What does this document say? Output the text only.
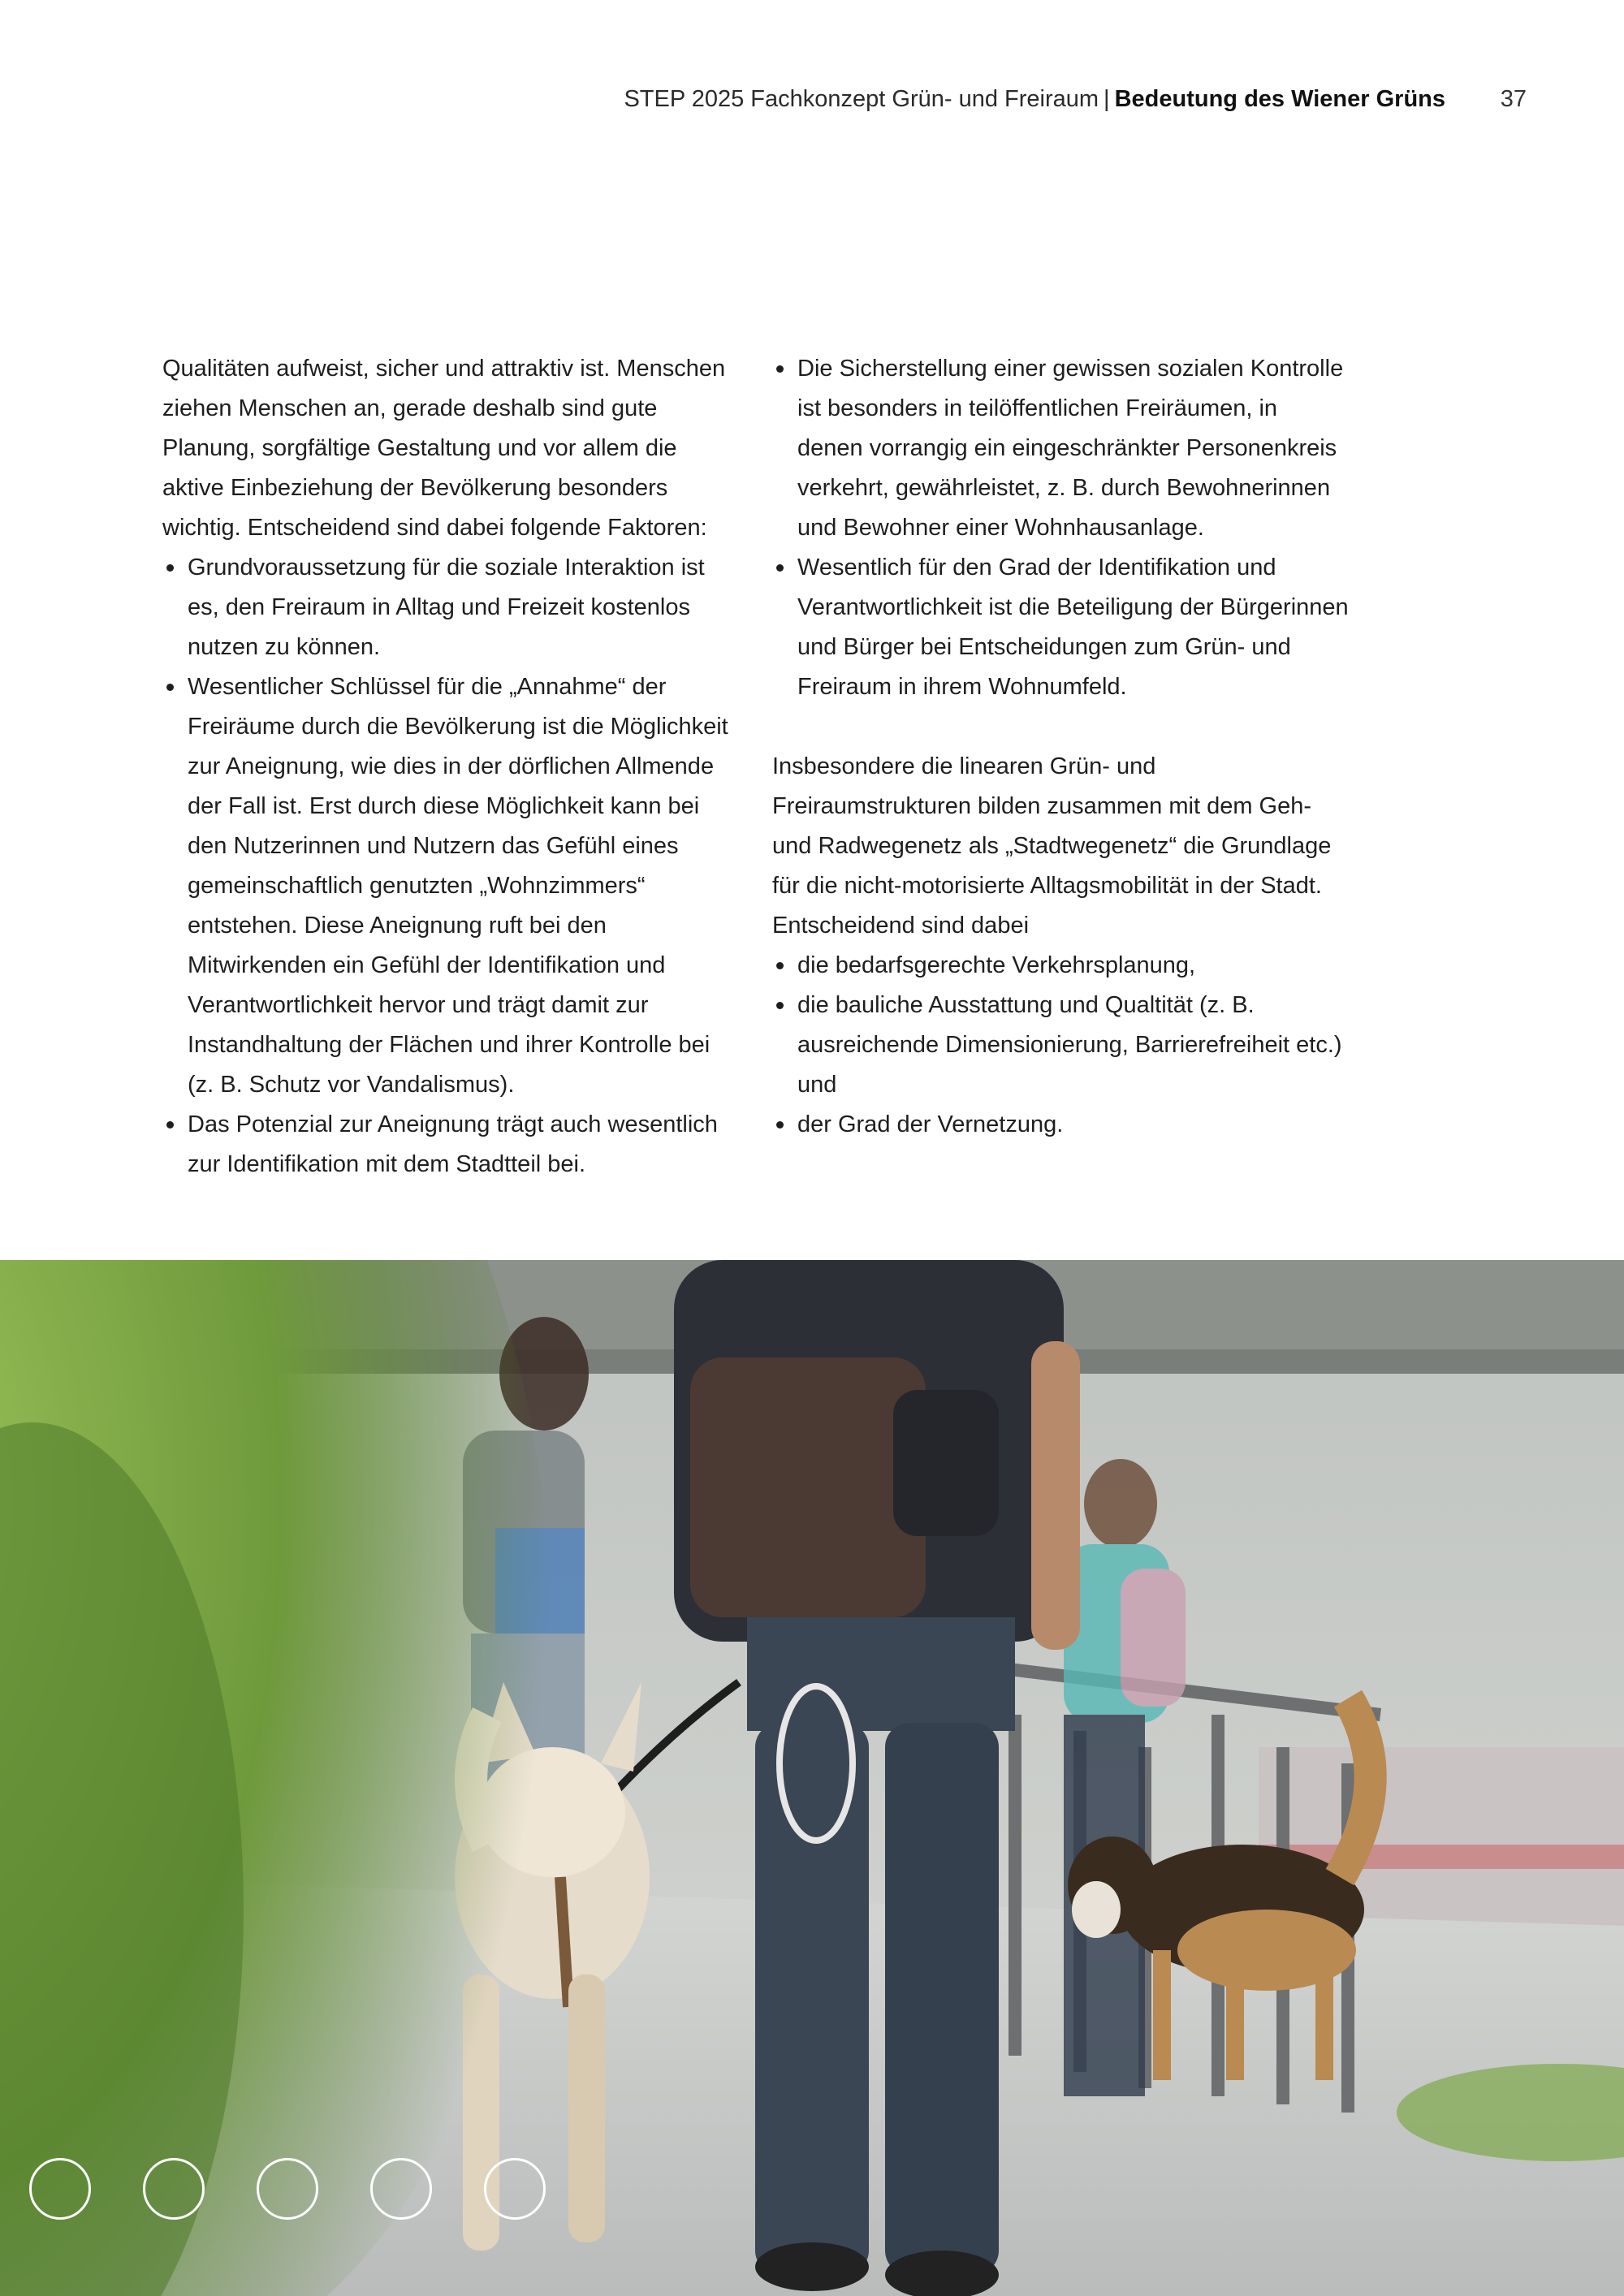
STEP 2025 Fachkonzept Grün- und Freiraum | Bedeutung des Wiener Grüns 37

Qualitäten aufweist, sicher und attraktiv ist. Menschen ziehen Menschen an, gerade deshalb sind gute Planung, sorgfältige Gestaltung und vor allem die aktive Einbeziehung der Bevölkerung besonders wichtig. Entscheidend sind dabei folgende Faktoren:

Grundvoraussetzung für die soziale Interaktion ist es, den Freiraum in Alltag und Freizeit kostenlos nutzen zu können.
Wesentlicher Schlüssel für die „Annahme“ der Freiräume durch die Bevölkerung ist die Möglichkeit zur Aneignung, wie dies in der dörflichen Allmende der Fall ist. Erst durch diese Möglichkeit kann bei den Nutzerinnen und Nutzern das Gefühl eines gemeinschaftlich genutzten „Wohnzimmers“ entstehen. Diese Aneignung ruft bei den Mitwirkenden ein Gefühl der Identifikation und Verantwortlichkeit hervor und trägt damit zur Instandhaltung der Flächen und ihrer Kontrolle bei (z. B. Schutz vor Vandalismus).
Das Potenzial zur Aneignung trägt auch wesentlich zur Identifikation mit dem Stadtteil bei.
Die Sicherstellung einer gewissen sozialen Kontrolle ist besonders in teilöffentlichen Freiräumen, in denen vorrangig ein eingeschränkter Personenkreis verkehrt, gewährleistet, z. B. durch Bewohnerinnen und Bewohner einer Wohnhausanlage.
Wesentlich für den Grad der Identifikation und Verantwortlichkeit ist die Beteiligung der Bürgerinnen und Bürger bei Entscheidungen zum Grün- und Freiraum in ihrem Wohnumfeld.

Insbesondere die linearen Grün- und Freiraumstrukturen bilden zusammen mit dem Geh- und Radwegenetz als „Stadtwegenetz“ die Grundlage für die nicht-motorisierte Alltagsmobilität in der Stadt. Entscheidend sind dabei

die bedarfsgerechte Verkehrsplanung,
die bauliche Ausstattung und Qualtität (z. B. ausreichende Dimensionierung, Barrierefreiheit etc.) und
der Grad der Vernetzung.
